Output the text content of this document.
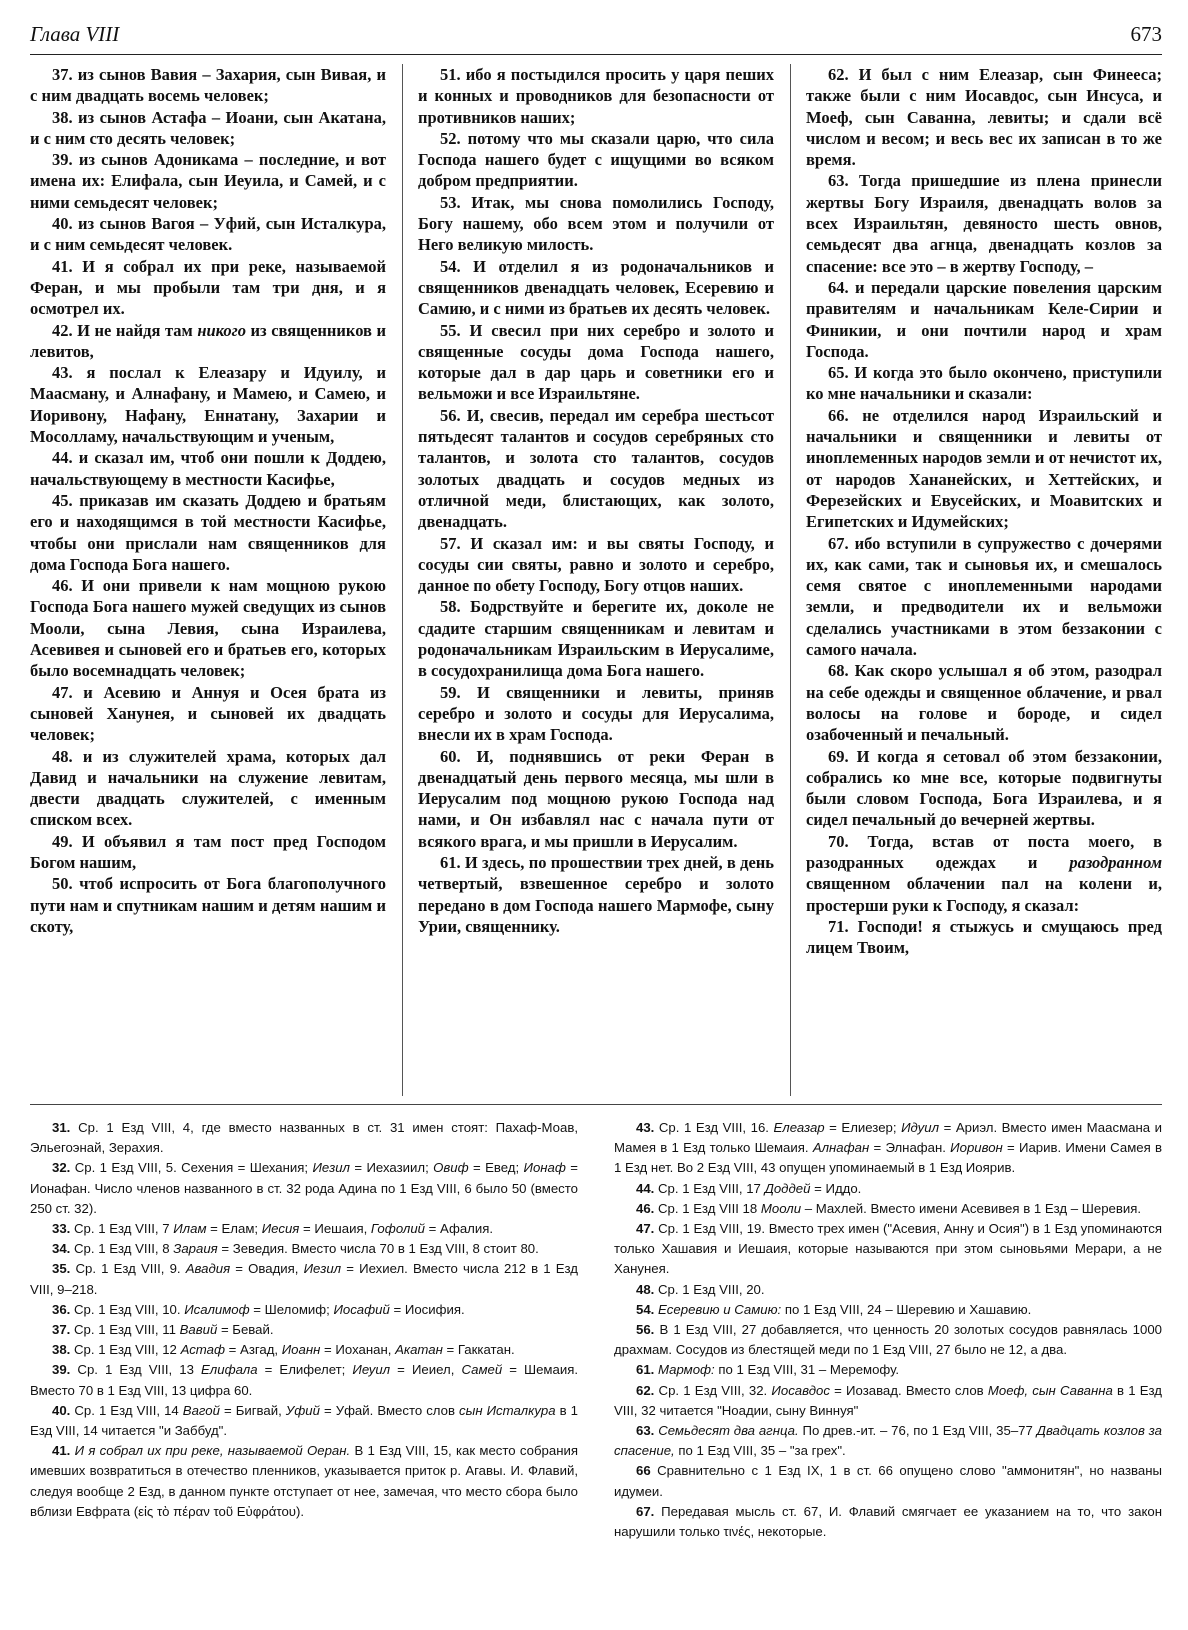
Глава VIII	673

37. из сынов Вавия – Захария, сын Вивая, и с ним двадцать восемь человек;

38. из сынов Астафа – Иоани, сын Акатана, и с ним сто десять человек;

39. из сынов Адоникама – последние, и вот имена их: Елифала, сын Иеуила, и Самей, и с ними семьдесят человек;

40. из сынов Вагоя – Уфий, сын Исталкура, и с ним семьдесят человек.

41. И я собрал их при реке, называемой Феран, и мы пробыли там три дня, и я осмотрел их.

42. И не найдя там никого из священников и левитов,

43. я послал к Елеазару и Идуилу, и Маасману, и Алнафану, и Мамею, и Самею, и Иоривону, Нафану, Еннатану, Захарии и Мосолламу, начальствующим и ученым,

44. и сказал им, чтоб они пошли к Доддею, начальствующему в местности Касифье,

45. приказав им сказать Доддею и братьям его и находящимся в той местности Касифье, чтобы они прислали нам священников для дома Господа Бога нашего.

46. И они привели к нам мощною рукою Господа Бога нашего мужей сведущих из сынов Мооли, сына Левия, сына Израилева, Асевивея и сыновей его и братьев его, которых было восемнадцать человек;

47. и Асевию и Аннуя и Осея брата из сыновей Ханунея, и сыновей их двадцать человек;

48. и из служителей храма, которых дал Давид и начальники на служение левитам, двести двадцать служителей, с именным списком всех.

49. И объявил я там пост пред Господом Богом нашим,

50. чтоб испросить от Бога благополучного пути нам и спутникам нашим и детям нашим и скоту,

51. ибо я постыдился просить у царя пеших и конных и проводников для безопасности от противников наших;

52. потому что мы сказали царю, что сила Господа нашего будет с ищущими во всяком добром предприятии.

53. Итак, мы снова помолились Господу, Богу нашему, обо всем этом и получили от Него великую милость.

54. И отделил я из родоначальников и священников двенадцать человек, Есеревию и Самию, и с ними из братьев их десять человек.

55. И свесил при них серебро и золото и священные сосуды дома Господа нашего, которые дал в дар царь и советники его и вельможи и все Израильтяне.

56. И, свесив, передал им серебра шестьсот пятьдесят талантов и сосудов серебряных сто талантов, и золота сто талантов, сосудов золотых двадцать и сосудов медных из отличной меди, блистающих, как золото, двенадцать.

57. И сказал им: и вы святы Господу, и сосуды сии святы, равно и золото и серебро, данное по обету Господу, Богу отцов наших.

58. Бодрствуйте и берегите их, доколе не сдадите старшим священникам и левитам и родоначальникам Израильским в Иерусалиме, в сосудохранилища дома Бога нашего.

59. И священники и левиты, приняв серебро и золото и сосуды для Иерусалима, внесли их в храм Господа.

60. И, поднявшись от реки Феран в двенадцатый день первого месяца, мы шли в Иерусалим под мощною рукою Господа над нами, и Он избавлял нас с начала пути от всякого врага, и мы пришли в Иерусалим.

61. И здесь, по прошествии трех дней, в день четвертый, взвешенное серебро и золото передано в дом Господа нашего Мармофе, сыну Урии, священнику.

62. И был с ним Елеазар, сын Финееса; также были с ним Иосавдос, сын Инсуса, и Моеф, сын Саванна, левиты; и сдали всё числом и весом; и весь вес их записан в то же время.

63. Тогда пришедшие из плена принесли жертвы Богу Израиля, двенадцать волов за всех Израильтян, девяносто шесть овнов, семьдесят два агнца, двенадцать козлов за спасение: все это – в жертву Господу, –

64. и передали царские повеления царским правителям и начальникам Келе-Сирии и Финикии, и они почтили народ и храм Господа.

65. И когда это было окончено, приступили ко мне начальники и сказали:

66. не отделился народ Израильский и начальники и священники и левиты от иноплеменных народов земли и от нечистот их, от народов Хананейских, и Хеттейских, и Ферезейских и Евусейских, и Моавитских и Египетских и Идумейских;

67. ибо вступили в супружество с дочерями их, как сами, так и сыновья их, и смешалось семя святое с иноплеменными народами земли, и предводители их и вельможи сделались участниками в этом беззаконии с самого начала.

68. Как скоро услышал я об этом, разодрал на себе одежды и священное облачение, и рвал волосы на голове и бороде, и сидел озабоченный и печальный.

69. И когда я сетовал об этом беззаконии, собрались ко мне все, которые подвигнуты были словом Господа, Бога Израилева, и я сидел печальный до вечерней жертвы.

70. Тогда, встав от поста моего, в разодранных одеждах и разодранном священном облачении пал на колени и, простерши руки к Господу, я сказал:

71. Господи! я стыжусь и смущаюсь пред лицем Твоим,

31. Ср. 1 Езд VIII, 4, где вместо названных в ст. 31 имен стоят: Пахаф-Моав, Эльегоэнай, Зерахия.

32. Ср. 1 Езд VIII, 5. Сехения = Шехания; Иезил = Иехазиил; Овиф = Евед; Ионаф = Ионафан. Число членов названного в ст. 32 рода Адина по 1 Езд VIII, 6 было 50 (вместо 250 ст. 32).

33. Ср. 1 Езд VIII, 7 Илам = Елам; Иесия = Иешаия, Гофолий = Афалия.

34. Ср. 1 Езд VIII, 8 Зараия = Зеведия. Вместо числа 70 в 1 Езд VIII, 8 стоит 80.

35. Ср. 1 Езд VIII, 9. Авадия = Овадия, Иезил = Иехиел. Вместо числа 212 в 1 Езд VIII, 9–218.

36. Ср. 1 Езд VIII, 10. Исалимоф = Шеломиф; Иосафий = Иосифия.

37. Ср. 1 Езд VIII, 11 Вавий = Бевай.

38. Ср. 1 Езд VIII, 12 Астаф = Азгад, Иоанн = Иоханан, Акатан = Гаккатан.

39. Ср. 1 Езд VIII, 13 Елифала = Елифелет; Иеуил = Иеиел, Самей = Шемаия. Вместо 70 в 1 Езд VIII, 13 цифра 60.

40. Ср. 1 Езд VIII, 14 Вагой = Бигвай, Уфий = Уфай. Вместо слов сын Исталкура в 1 Езд VIII, 14 читается "и Заббуд".

41. И я собрал их при реке, называемой Оеран. В 1 Езд VIII, 15, как место собрания имевших возвратиться в отечество пленников, указывается приток р. Агавы. И. Флавий, следуя вообще 2 Езд, в данном пункте отступает от нее, замечая, что место сбора было вблизи Евфрата (εἰς τὸ πέραν τοῦ Εὐφράτου).

43. Ср. 1 Езд VIII, 16. Елеазар = Елиезер; Идуил = Ариэл. Вместо имен Маасмана и Мамея в 1 Езд только Шемаия. Алнафан = Элнафан. Иоривон = Иарив. Имени Самея в 1 Езд нет. Во 2 Езд VIII, 43 опущен упоминаемый в 1 Езд Иоярив.

44. Ср. 1 Езд VIII, 17 Доддей = Иддо.

46. Ср. 1 Езд VIII 18 Мооли – Махлей. Вместо имени Асевивея в 1 Езд – Шеревия.

47. Ср. 1 Езд VIII, 19. Вместо трех имен ("Асевия, Анну и Осия") в 1 Езд упоминаются только Хашавия и Иешаия, которые называются при этом сыновьями Мерари, а не Ханунея.

48. Ср. 1 Езд VIII, 20.

54. Есеревию и Самию: по 1 Езд VIII, 24 – Шеревию и Хашавию.

56. В 1 Езд VIII, 27 добавляется, что ценность 20 золотых сосудов равнялась 1000 драхмам. Сосудов из блестящей меди по 1 Езд VIII, 27 было не 12, а два.

61. Мармоф: по 1 Езд VIII, 31 – Меремофу.

62. Ср. 1 Езд VIII, 32. Иосавдос = Иозавад. Вместо слов Моеф, сын Саванна в 1 Езд VIII, 32 читается "Ноадии, сыну Виннуя"

63. Семьдесят два агнца. По древ.-ит. – 76, по 1 Езд VIII, 35–77 Двадцать козлов за спасение, по 1 Езд VIII, 35 – "за грех".

66 Сравнительно с 1 Езд IX, 1 в ст. 66 опущено слово "аммонитян", но названы идумеи.

67. Передавая мысль ст. 67, И. Флавий смягчает ее указанием на то, что закон нарушили только τινές, некоторые.
